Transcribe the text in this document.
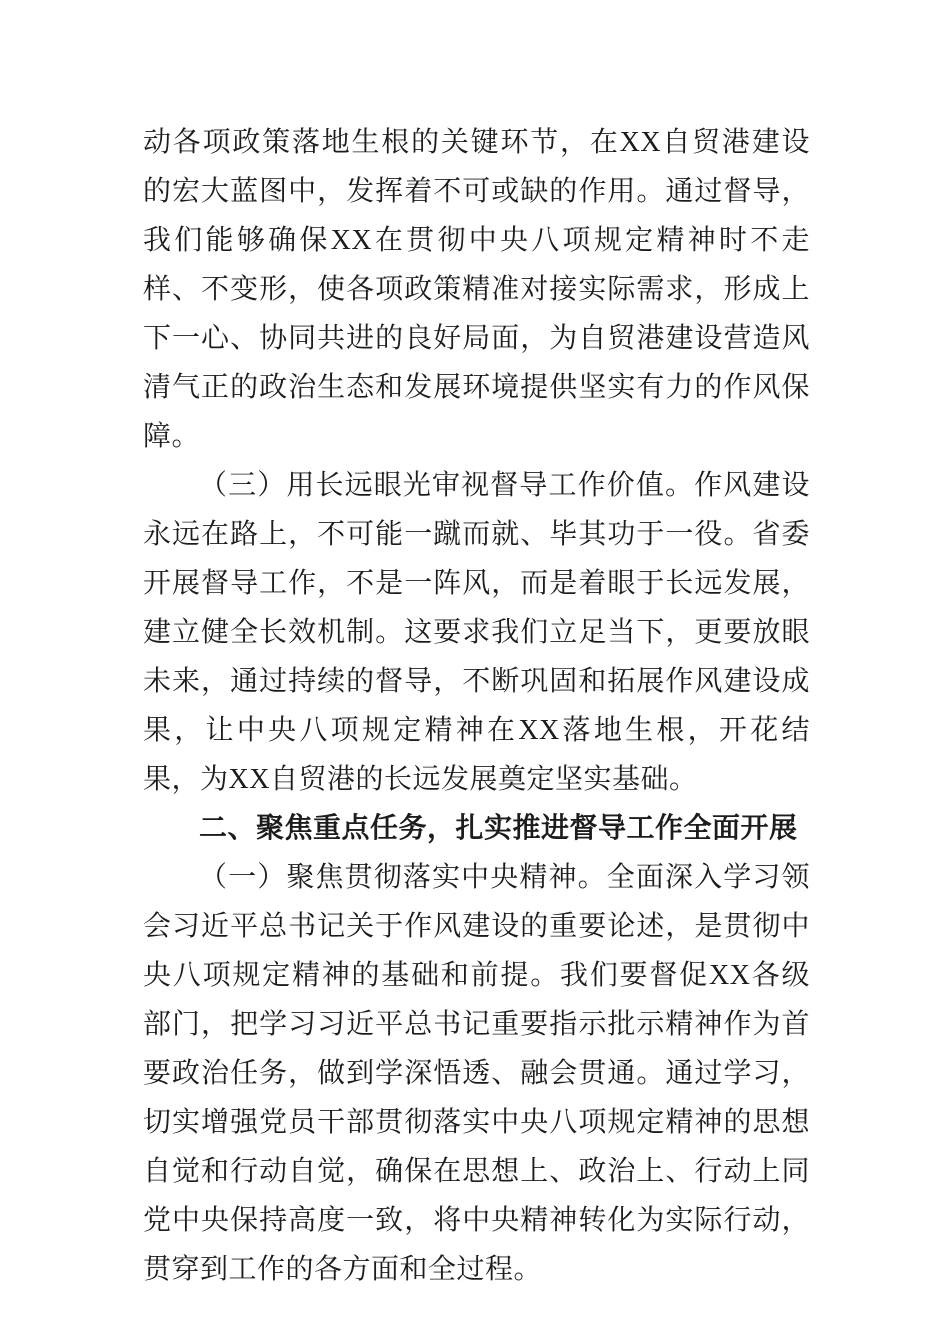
动各项政策落地生根的关键环节，在XX自贸港建设的宏大蓝图中，发挥着不可或缺的作用。通过督导，我们能够确保XX在贯彻中央八项规定精神时不走样、不变形，使各项政策精准对接实际需求，形成上下一心、协同共进的良好局面，为自贸港建设营造风清气正的政治生态和发展环境提供坚实有力的作风保障。

（三）用长远眼光审视督导工作价值。作风建设永远在路上，不可能一蹴而就、毕其功于一役。省委开展督导工作，不是一阵风，而是着眼于长远发展，建立健全长效机制。这要求我们立足当下，更要放眼未来，通过持续的督导，不断巩固和拓展作风建设成果，让中央八项规定精神在XX落地生根，开花结果，为XX自贸港的长远发展奠定坚实基础。

二、聚焦重点任务，扎实推进督导工作全面开展

（一）聚焦贯彻落实中央精神。全面深入学习领会习近平总书记关于作风建设的重要论述，是贯彻中央八项规定精神的基础和前提。我们要督促XX各级部门，把学习习近平总书记重要指示批示精神作为首要政治任务，做到学深悟透、融会贯通。通过学习，切实增强党员干部贯彻落实中央八项规定精神的思想自觉和行动自觉，确保在思想上、政治上、行动上同党中央保持高度一致，将中央精神转化为实际行动，贯穿到工作的各方面和全过程。
